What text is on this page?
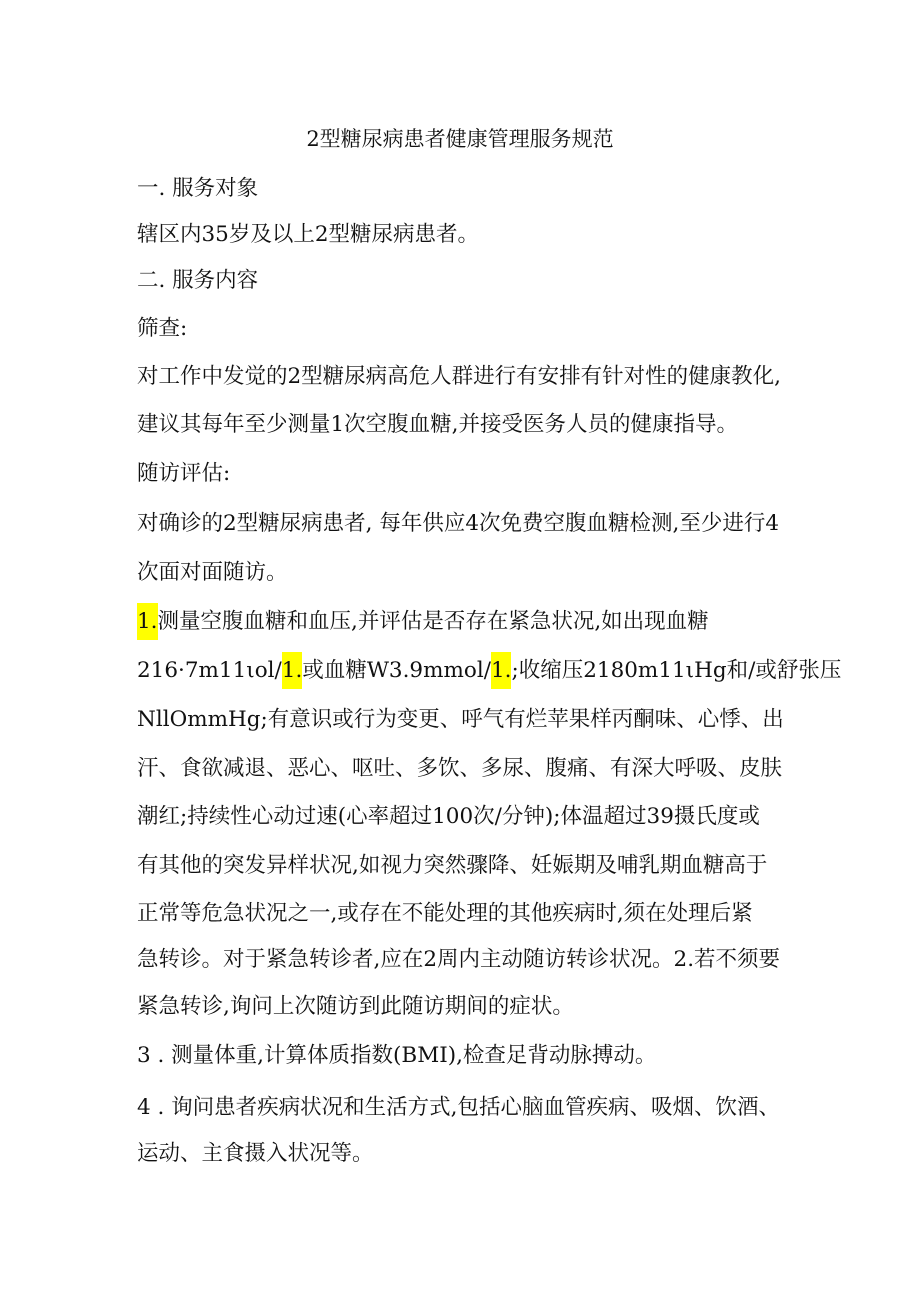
2型糖尿病患者健康管理服务规范
一. 服务对象
辖区内35岁及以上2型糖尿病患者。
二. 服务内容
筛查:
对工作中发觉的2型糖尿病高危人群进行有安排有针对性的健康教化,
建议其每年至少测量1次空腹血糖,并接受医务人员的健康指导。
随访评估:
对确诊的2型糖尿病患者, 每年供应4次免费空腹血糖检测,至少进行4
次面对面随访。
1.测量空腹血糖和血压,并评估是否存在紧急状况,如出现血糖
216·7m11ιol/1.或血糖W3.9mmol/1.;收缩压2180m11ιHg和/或舒张压
NllOmmHg;有意识或行为变更、呼气有烂苹果样丙酮味、心悸、出
汗、食欲减退、恶心、呕吐、多饮、多尿、腹痛、有深大呼吸、皮肤
潮红;持续性心动过速(心率超过100次/分钟);体温超过39摄氏度或
有其他的突发异样状况,如视力突然骤降、妊娠期及哺乳期血糖高于
正常等危急状况之一,或存在不能处理的其他疾病时,须在处理后紧
急转诊。对于紧急转诊者,应在2周内主动随访转诊状况。2.若不须要
紧急转诊,询问上次随访到此随访期间的症状。
3 . 测量体重,计算体质指数(BMI),检查足背动脉搏动。
4 . 询问患者疾病状况和生活方式,包括心脑血管疾病、吸烟、饮酒、
运动、主食摄入状况等。
